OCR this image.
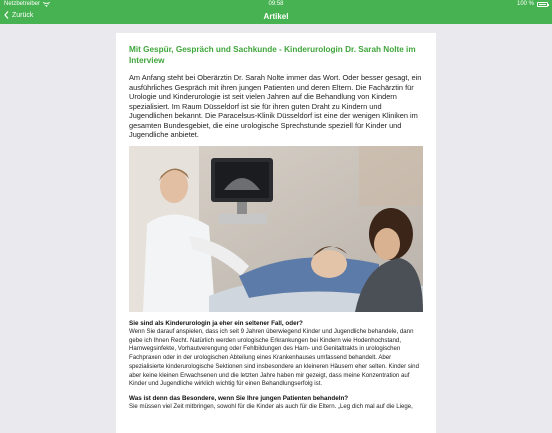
Netzbetreiber	09:58	100 %
Zurück	Artikel
Mit Gespür, Gespräch und Sachkunde - Kinderurologin Dr. Sarah Nolte im Interview

Am Anfang steht bei Oberärztin Dr. Sarah Nolte immer das Wort. Oder besser gesagt, ein ausführliches Gespräch mit ihren jungen Patienten und deren Eltern. Die Fachärztin für Urologie und Kinderurologie ist seit vielen Jahren auf die Behandlung von Kindern spezialisiert. Im Raum Düsseldorf ist sie für ihren guten Draht zu Kindern und Jugendlichen bekannt. Die Paracelsus-Klinik Düsseldorf ist eine der wenigen Kliniken im gesamten Bundesgebiet, die eine urologische Sprechstunde speziell für Kinder und Jugendliche anbietet.

Sie sind als Kinderurologin ja eher ein seltener Fall, oder?

Wenn Sie darauf anspielen, dass ich seit 9 Jahren überwiegend Kinder und Jugendliche behandele, dann gebe ich Ihnen Recht. Natürlich werden urologische Erkrankungen bei Kindern wie Hodenhochstand, Harnwegsinfekte, Vorhautverengung oder Fehlbildungen des Harn- und Genitaltrakts in urologischen Fachpraxen oder in der urologischen Abteilung eines Krankenhauses umfassend behandelt. Aber spezialisierte kinderurologische Sektionen sind insbesondere an kleineren Häusern eher selten. Kinder sind aber keine kleinen Erwachsenen und die letzten Jahre haben mir gezeigt, dass meine Konzentration auf Kinder und Jugendliche wirklich wichtig für einen Behandlungserfolg ist.

Was ist denn das Besondere, wenn Sie Ihre jungen Patienten behandeln?

Sie müssen viel Zeit mitbringen, sowohl für die Kinder als auch für die Eltern. „Leg dich mal auf die Liege,
